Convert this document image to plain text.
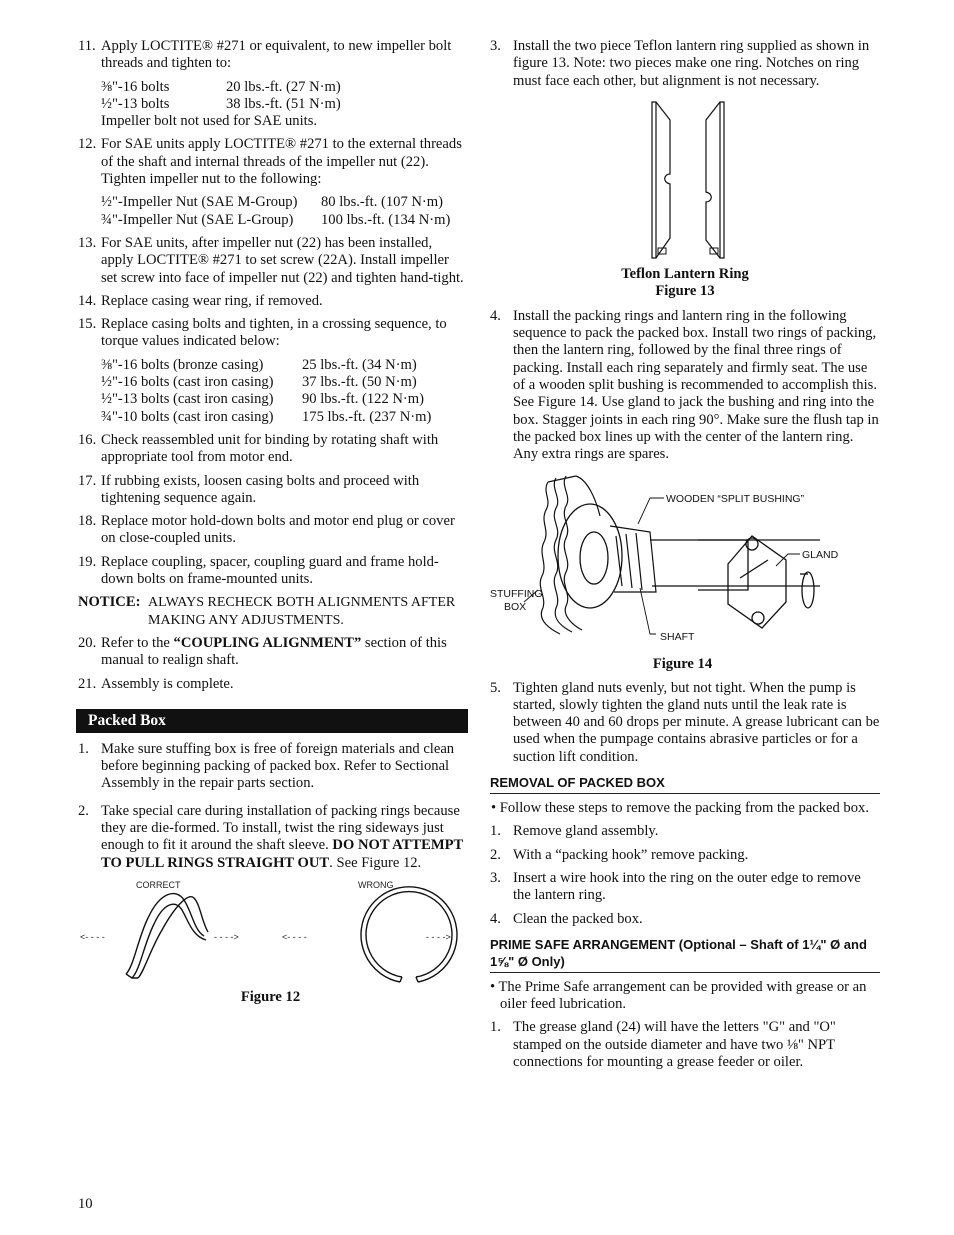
11. Apply LOCTITE® #271 or equivalent, to new impeller bolt threads and tighten to:
⅜"-16 bolts	20 lbs.-ft. (27 N·m)
½"-13 bolts	38 lbs.-ft. (51 N·m)
Impeller bolt not used for SAE units.
12. For SAE units apply LOCTITE® #271 to the external threads of the shaft and internal threads of the impeller nut (22). Tighten impeller nut to the following:
½"-Impeller Nut (SAE M-Group)	80 lbs.-ft. (107 N·m)
¾"-Impeller Nut (SAE L-Group)	100 lbs.-ft. (134 N·m)
13. For SAE units, after impeller nut (22) has been installed, apply LOCTITE® #271 to set screw (22A). Install impeller set screw into face of impeller nut (22) and tighten hand-tight.
14. Replace casing wear ring, if removed.
15. Replace casing bolts and tighten, in a crossing sequence, to torque values indicated below:
⅜"-16 bolts (bronze casing)	25 lbs.-ft. (34 N·m)
½"-16 bolts (cast iron casing)	37 lbs.-ft. (50 N·m)
½"-13 bolts (cast iron casing)	90 lbs.-ft. (122 N·m)
¾"-10 bolts (cast iron casing)	175 lbs.-ft. (237 N·m)
16. Check reassembled unit for binding by rotating shaft with appropriate tool from motor end.
17. If rubbing exists, loosen casing bolts and proceed with tightening sequence again.
18. Replace motor hold-down bolts and motor end plug or cover on close-coupled units.
19. Replace coupling, spacer, coupling guard and frame hold-down bolts on frame-mounted units.
NOTICE: ALWAYS RECHECK BOTH ALIGNMENTS AFTER MAKING ANY ADJUSTMENTS.
20. Refer to the “COUPLING ALIGNMENT” section of this manual to realign shaft.
21. Assembly is complete.
Packed Box
1. Make sure stuffing box is free of foreign materials and clean before beginning packing of packed box. Refer to Sectional Assembly in the repair parts section.
2. Take special care during installation of packing rings because they are die-formed. To install, twist the ring sideways just enough to fit it around the shaft sleeve. DO NOT ATTEMPT TO PULL RINGS STRAIGHT OUT. See Figure 12.
CORRECT	WRONG
<- - - -	- - - ->	<- - - -	- - - ->
Figure 12
3. Install the two piece Teflon lantern ring supplied as shown in figure 13. Note: two pieces make one ring. Notches on ring must face each other, but alignment is not necessary.
Teflon Lantern Ring
Figure 13
4. Install the packing rings and lantern ring in the following sequence to pack the packed box. Install two rings of packing, then the lantern ring, followed by the final three rings of packing. Install each ring separately and firmly seat. The use of a wooden split bushing is recommended to accomplish this. See Figure 14. Use gland to jack the bushing and ring into the box. Stagger joints in each ring 90°. Make sure the flush tap in the packed box lines up with the center of the lantern ring. Any extra rings are spares.
WOODEN “SPLIT BUSHING”
GLAND
STUFFING
BOX
SHAFT
Figure 14
5. Tighten gland nuts evenly, but not tight. When the pump is started, slowly tighten the gland nuts until the leak rate is between 40 and 60 drops per minute. A grease lubricant can be used when the pumpage contains abrasive particles or for a suction lift condition.
REMOVAL OF PACKED BOX
• Follow these steps to remove the packing from the packed box.
1. Remove gland assembly.
2. With a “packing hook” remove packing.
3. Insert a wire hook into the ring on the outer edge to remove the lantern ring.
4. Clean the packed box.
PRIME SAFE ARRANGEMENT (Optional – Shaft of 1¼" Ø and 1⅝" Ø Only)
• The Prime Safe arrangement can be provided with grease or an oiler feed lubrication.
1. The grease gland (24) will have the letters "G" and "O" stamped on the outside diameter and have two ⅛" NPT connections for mounting a grease feeder or oiler.
10
